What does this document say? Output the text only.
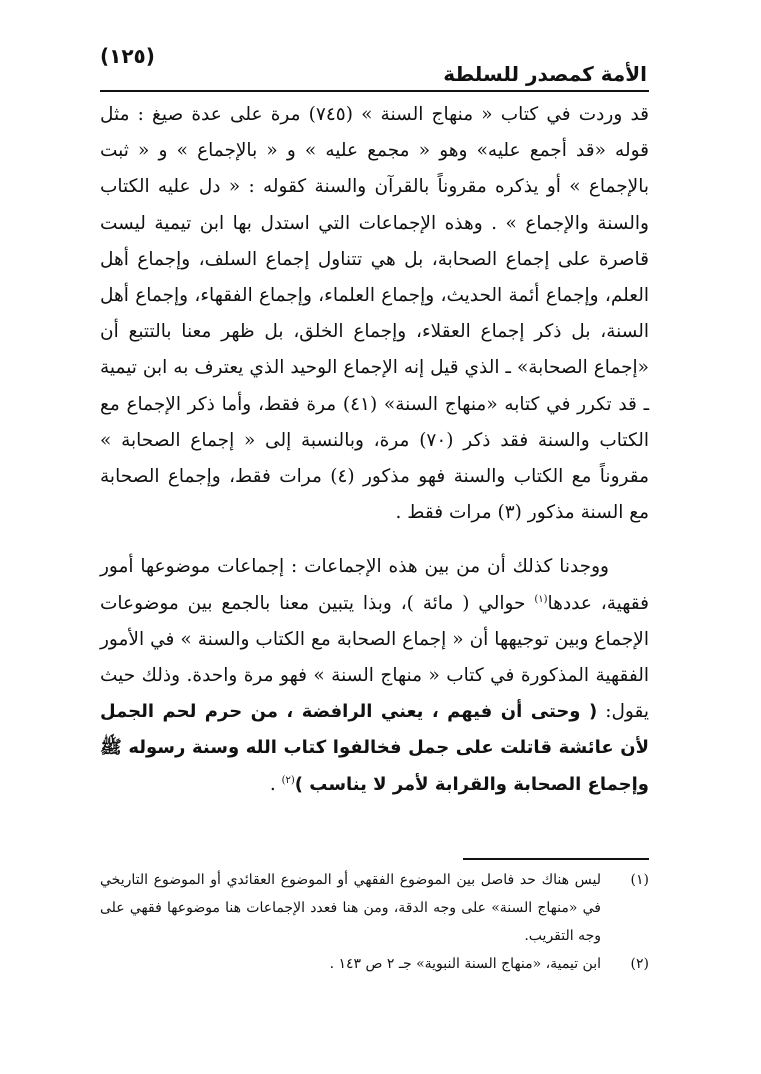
الأمة كمصدر للسلطة
(١٢٥)

قد وردت في كتاب « منهاج السنة » (٧٤٥) مرة على عدة صيغ : مثل قوله «قد أجمع عليه» وهو « مجمع عليه » و « بالإجماع » و « ثبت بالإجماع » أو يذكره مقروناً بالقرآن والسنة كقوله : « دل عليه الكتاب والسنة والإجماع » . وهذه الإجماعات التي استدل بها ابن تيمية ليست قاصرة على إجماع الصحابة، بل هي تتناول إجماع السلف، وإجماع أهل العلم، وإجماع أئمة الحديث، وإجماع العلماء، وإجماع الفقهاء، وإجماع أهل السنة، بل ذكر إجماع العقلاء، وإجماع الخلق، بل ظهر معنا بالتتبع أن «إجماع الصحابة» ـ الذي قيل إنه الإجماع الوحيد الذي يعترف به ابن تيمية ـ قد تكرر في كتابه «منهاج السنة» (٤١) مرة فقط، وأما ذكر الإجماع مع الكتاب والسنة فقد ذكر (٧٠) مرة، وبالنسبة إلى « إجماع الصحابة » مقروناً مع الكتاب والسنة فهو مذكور (٤) مرات فقط، وإجماع الصحابة مع السنة مذكور (٣) مرات فقط .

ووجدنا كذلك أن من بين هذه الإجماعات : إجماعات موضوعها أمور فقهية، عددها$^{(١)}$ حوالي ( مائة )، وبذا يتبين معنا بالجمع بين موضوعات الإجماع وبين توجيهها أن « إجماع الصحابة مع الكتاب والسنة » في الأمور الفقهية المذكورة في كتاب « منهاج السنة » فهو مرة واحدة. وذلك حيث يقول: ( وحتى أن فيهم ، يعني الرافضة ، من حرم لحم الجمل لأن عائشة قاتلت على جمل فخالفوا كتاب الله وسنة رسوله ﷺ وإجماع الصحابة والقرابة لأمر لا يناسب )$^{(٢)}$ .

(١)
ليس هناك حد فاصل بين الموضوع الفقهي أو الموضوع العقائدي أو الموضوع التاريخي في «منهاج السنة» على وجه الدقة، ومن هنا فعدد الإجماعات هنا موضوعها فقهي على وجه التقريب.
(٢)
ابن تيمية، «منهاج السنة النبوية» جـ ٢ ص ١٤٣ .
